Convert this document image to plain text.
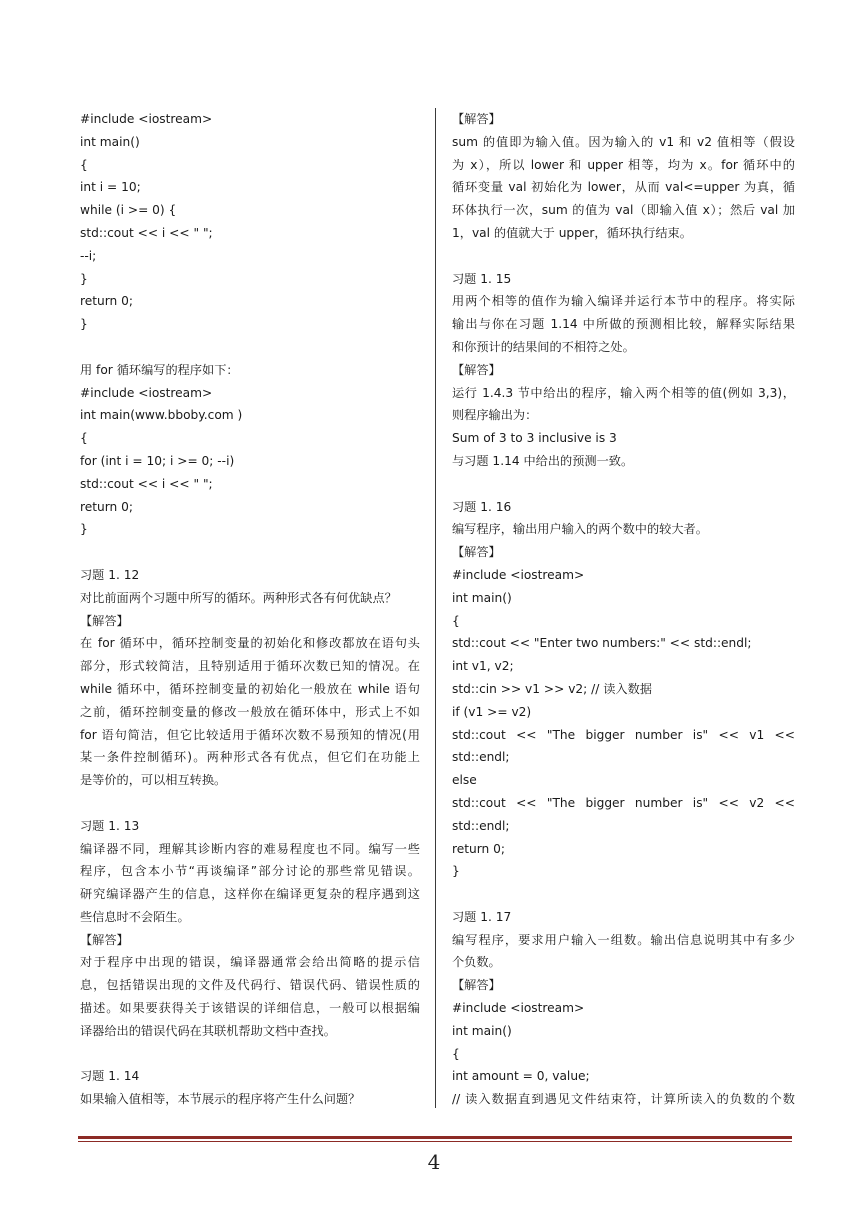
#include <iostream>
int main()
{
int i = 10;
while (i >= 0) {
std::cout << i << " ";
--i;
}
return 0;
}
用 for 循环编写的程序如下：
#include <iostream>
int main(www.bboby.com )
{
for (int i = 10; i >= 0; --i)
std::cout << i << " ";
return 0;
}
习题 1. 12
对比前面两个习题中所写的循环。两种形式各有何优缺点？
【解答】
在 for 循环中，循环控制变量的初始化和修改都放在语句头
部分，形式较简洁，且特别适用于循环次数已知的情况。在
while 循环中，循环控制变量的初始化一般放在 while 语句
之前，循环控制变量的修改一般放在循环体中，形式上不如
for 语句简洁，但它比较适用于循环次数不易预知的情况(用
某一条件控制循环)。两种形式各有优点，但它们在功能上
是等价的，可以相互转换。
习题 1. 13
编译器不同，理解其诊断内容的难易程度也不同。编写一些
程序，包含本小节“再谈编译”部分讨论的那些常见错误。
研究编译器产生的信息，这样你在编译更复杂的程序遇到这
些信息时不会陌生。
【解答】
对于程序中出现的错误，编译器通常会给出简略的提示信
息，包括错误出现的文件及代码行、错误代码、错误性质的
描述。如果要获得关于该错误的详细信息，一般可以根据编
译器给出的错误代码在其联机帮助文档中查找。
习题 1. 14
如果输入值相等，本节展示的程序将产生什么问题？
【解答】
sum 的值即为输入值。因为输入的 v1 和 v2 值相等（假设
为 x），所以 lower 和 upper 相等，均为 x。for 循环中的
循环变量 val 初始化为 lower，从而 val<=upper 为真，循
环体执行一次，sum 的值为 val（即输入值 x）；然后 val 加
1，val 的值就大于 upper，循环执行结束。
习题 1. 15
用两个相等的值作为输入编译并运行本节中的程序。将实际
输出与你在习题 1.14 中所做的预测相比较，解释实际结果
和你预计的结果间的不相符之处。
【解答】
运行 1.4.3 节中给出的程序，输入两个相等的值(例如 3,3)，
则程序输出为：
Sum of 3 to 3 inclusive is 3
与习题 1.14 中给出的预测一致。
习题 1. 16
编写程序，输出用户输入的两个数中的较大者。
【解答】
#include <iostream>
int main()
{
std::cout << "Enter two numbers:" << std::endl;
int v1, v2;
std::cin >> v1 >> v2; // 读入数据
if (v1 >= v2)
std::cout << "The bigger number is" << v1 <<
std::endl;
else
std::cout << "The bigger number is" << v2 <<
std::endl;
return 0;
}
习题 1. 17
编写程序，要求用户输入一组数。输出信息说明其中有多少
个负数。
【解答】
#include <iostream>
int main()
{
int amount = 0, value;
// 读入数据直到遇见文件结束符，计算所读入的负数的个数
4
